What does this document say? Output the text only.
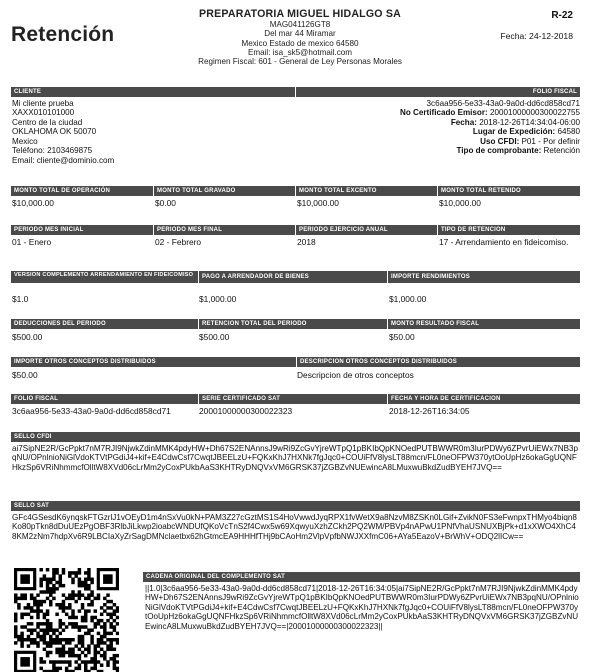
Retención
PREPARATORIA MIGUEL HIDALGO SA
MAG041126GT8
Del mar 44 Miramar
Mexico Estado de mexico 64580
Email: isa_sk5@hotmail.com
Regimen Fiscal: 601 - General de Ley Personas Morales
R-22
Fecha: 24-12-2018
CLIENTE	FOLIO FISCAL
Mi cliente prueba
XAXX010101000
Centro de la ciudad
OKLAHOMA OK 50070
Mexico
Teléfono: 2103469875
Email: cliente@dominio.com
3c6aa956-5e33-43a0-9a0d-dd6cd858cd71
No Certificado Emisor: 20001000000300022755
Fecha: 2018-12-26T14:34:04-06:00
Lugar de Expedición: 64580
Uso CFDI: P01 - Por definir
Tipo de comprobante: Retención
MONTO TOTAL DE OPERACIÓN	MONTO TOTAL GRAVADO	MONTO TOTAL EXCENTO	MONTO TOTAL RETENIDO
$10,000.00	$0.00	$10,000.00	$10,000.00
PERIODO MES INICIAL	PERIODO MES FINAL	PERIODO EJERCICIO ANUAL	TIPO DE RETENCION
01 - Enero	02 - Febrero	2018	17 - Arrendamiento en fideicomiso.
VERSION COMPLEMENTO ARRENDAMIENTO EN FIDEICOMISO	PAGO A ARRENDADOR DE BIENES	IMPORTE RENDIMIENTOS
$1.0	$1,000.00	$1,000.00
DEDUCCIONES DEL PERIODO	RETENCION TOTAL DEL PERIODO	MONTO RESULTADO FISCAL
$500.00	$500.00	$50.00
IMPORTE OTROS CONCEPTOS DISTRIBUIDOS	DESCRIPCION OTROS CONCEPTOS DISTRIBUIDOS
$50.00	Descripcion de otros conceptos
FOLIO FISCAL	SERIE CERTIFICADO SAT	FECHA Y HORA DE CERTIFICACION
3c6aa956-5e33-43a0-9a0d-dd6cd858cd71	20001000000300022323	2018-12-26T16:34:05
SELLO CFDI
ai7SipNE2R/GcPpkt7nM7RJI9NjwkZdinMMK4pdyHW+Dh67S2ENAnnsJ9wRi9ZcGvYjreWTpQ1pBKIbQpKNOedPUTBWWR0m3IurPDWy6ZPvrUiEWx7NB3pqNU/OPnlnioNiGlVdoKTVtPGdiJ4+kif+E4CdwCsf7CwqtJBEELzU+FQKxKhJ7HXNk7fgJqc0+COUiFfV8lysLT88mcn/FL0neOFPW370ytOoUpHz6okaGgUQNFHkzSp6VRiNhmmcfOlltW8XVd06cLrMm2yCoxPUkbAaS3KHTRyDNQVxVM6GRSK37jZGBZvNUEwincA8LMuxwuBkdZudBYEH7JVQ==
SELLO SAT
GFc4GSesdK6ynqskFTGzrlJ1vOEyD1m4nSxVu0kN+PAM3Z27cGztMS1S4HoVwwdJyqRPX1fvWetX9a8NzvM8ZSKn0LGif+ZvikN0FS3eFwnpxTHMyo4biqn8Ko80pTkn8dDuUEzPgOBF3RlbJiLkwp2ioabcWNDUfQKoVcTnS2f4Cwx5w69XqwyuXzhZCkh2PQ2WM/PBVp4nAPwU1PNfVhaUSNUXBjPk+d1xXWO4XhC48KM2zNm7hdpXv6R9LBCIaXyZrSagDMNclaetbx62hGtmcEA9HHHfTHj9bCAoHm2VlpVpfbNWJXXfmC06+AYa5EazoV+BrWhV+ODQ2lICw==
CADENA ORIGINAL DEL COMPLEMENTO SAT
||1.0|3c6aa956-5e33-43a0-9a0d-dd6cd858cd71|2018-12-26T16:34:05|ai7SipNE2R/GcPpkt7nM7RJI9NjwkZdinMMK4pdyHW+Dh67S2ENAnnsJ9wRi9ZcGvYjreWTpQ1pBKIbQpKNOedPUTBWWR0m3IurPDWy6ZPvrUiEWx7NB3pqNU/OPnlnioNiGlVdoKTVtPGdiJ4+kif+E4CdwCsf7CwqtJBEELzU+FQKxKhJ7HXNk7fgJqc0+COUiFfV8lysLT88mcn/FL0neOFPW370ytOoUpHz6okaGgUQNFHkzSp6VRiNhmmcfOlltW8XVd06cLrMm2yCoxPUkbAaS3KHTRyDNQVxVM6GRSK37jZGBZvNUEwincA8LMuxwuBkdZudBYEH7JVQ==|20001000000300022323||
